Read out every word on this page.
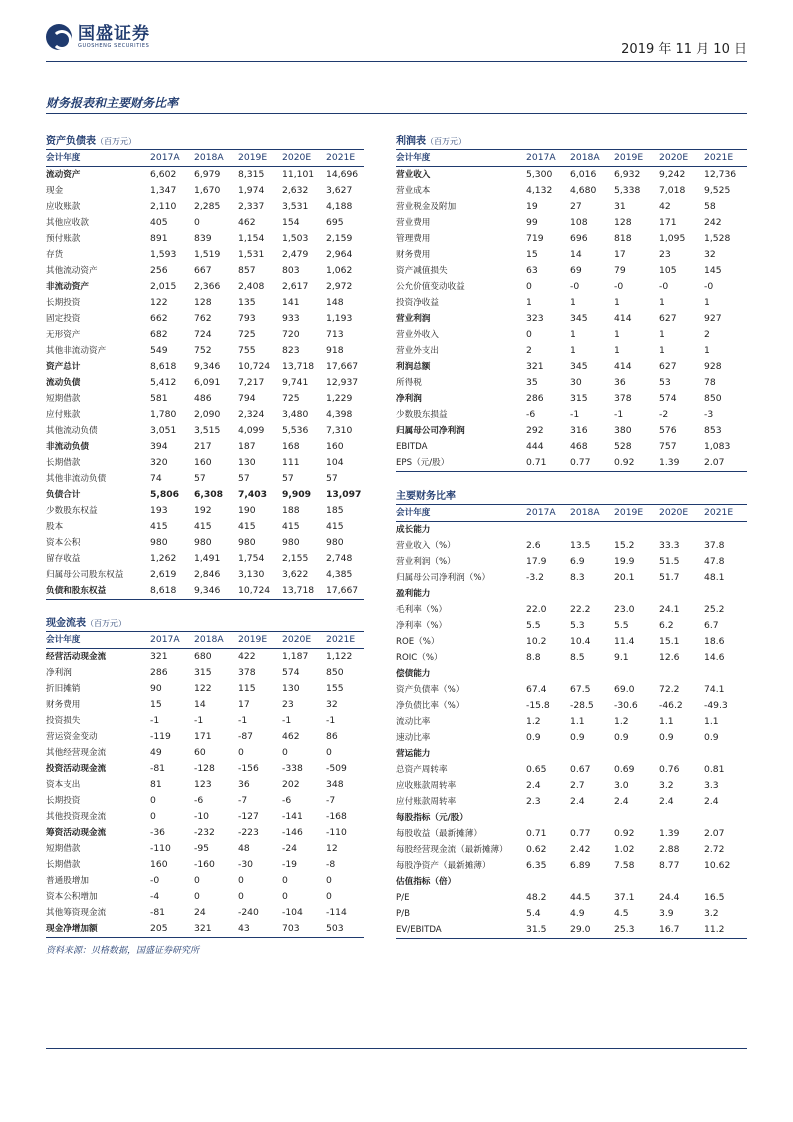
国盛证券
GUOSHENG SECURITIES	2019 年 11 月 10 日
财务报表和主要财务比率
资产负债表（百万元）
会计年度	2017A	2018A	2019E	2020E	2021E
流动资产	6,602	6,979	8,315	11,101	14,696
现金	1,347	1,670	1,974	2,632	3,627
应收账款	2,110	2,285	2,337	3,531	4,188
其他应收款	405	0	462	154	695
预付账款	891	839	1,154	1,503	2,159
存货	1,593	1,519	1,531	2,479	2,964
其他流动资产	256	667	857	803	1,062
非流动资产	2,015	2,366	2,408	2,617	2,972
长期投资	122	128	135	141	148
固定投资	662	762	793	933	1,193
无形资产	682	724	725	720	713
其他非流动资产	549	752	755	823	918
资产总计	8,618	9,346	10,724	13,718	17,667
流动负债	5,412	6,091	7,217	9,741	12,937
短期借款	581	486	794	725	1,229
应付账款	1,780	2,090	2,324	3,480	4,398
其他流动负债	3,051	3,515	4,099	5,536	7,310
非流动负债	394	217	187	168	160
长期借款	320	160	130	111	104
其他非流动负债	74	57	57	57	57
负债合计	5,806	6,308	7,403	9,909	13,097
少数股东权益	193	192	190	188	185
股本	415	415	415	415	415
资本公积	980	980	980	980	980
留存收益	1,262	1,491	1,754	2,155	2,748
归属母公司股东权益	2,619	2,846	3,130	3,622	4,385
负债和股东权益	8,618	9,346	10,724	13,718	17,667
现金流表（百万元）
会计年度	2017A	2018A	2019E	2020E	2021E
经营活动现金流	321	680	422	1,187	1,122
净利润	286	315	378	574	850
折旧摊销	90	122	115	130	155
财务费用	15	14	17	23	32
投资损失	-1	-1	-1	-1	-1
营运资金变动	-119	171	-87	462	86
其他经营现金流	49	60	0	0	0
投资活动现金流	-81	-128	-156	-338	-509
资本支出	81	123	36	202	348
长期投资	0	-6	-7	-6	-7
其他投资现金流	0	-10	-127	-141	-168
筹资活动现金流	-36	-232	-223	-146	-110
短期借款	-110	-95	48	-24	12
长期借款	160	-160	-30	-19	-8
普通股增加	-0	0	0	0	0
资本公积增加	-4	0	0	0	0
其他筹资现金流	-81	24	-240	-104	-114
现金净增加额	205	321	43	703	503
利润表（百万元）
会计年度	2017A	2018A	2019E	2020E	2021E
营业收入	5,300	6,016	6,932	9,242	12,736
营业成本	4,132	4,680	5,338	7,018	9,525
营业税金及附加	19	27	31	42	58
营业费用	99	108	128	171	242
管理费用	719	696	818	1,095	1,528
财务费用	15	14	17	23	32
资产减值损失	63	69	79	105	145
公允价值变动收益	0	-0	-0	-0	-0
投资净收益	1	1	1	1	1
营业利润	323	345	414	627	927
营业外收入	0	1	1	1	2
营业外支出	2	1	1	1	1
利润总额	321	345	414	627	928
所得税	35	30	36	53	78
净利润	286	315	378	574	850
少数股东损益	-6	-1	-1	-2	-3
归属母公司净利润	292	316	380	576	853
EBITDA	444	468	528	757	1,083
EPS（元/股）	0.71	0.77	0.92	1.39	2.07
主要财务比率
会计年度	2017A	2018A	2019E	2020E	2021E
成长能力					
营业收入（%）	2.6	13.5	15.2	33.3	37.8
营业利润（%）	17.9	6.9	19.9	51.5	47.8
归属母公司净利润（%）	-3.2	8.3	20.1	51.7	48.1
盈利能力					
毛利率（%）	22.0	22.2	23.0	24.1	25.2
净利率（%）	5.5	5.3	5.5	6.2	6.7
ROE（%）	10.2	10.4	11.4	15.1	18.6
ROIC（%）	8.8	8.5	9.1	12.6	14.6
偿债能力					
资产负债率（%）	67.4	67.5	69.0	72.2	74.1
净负债比率（%）	-15.8	-28.5	-30.6	-46.2	-49.3
流动比率	1.2	1.1	1.2	1.1	1.1
速动比率	0.9	0.9	0.9	0.9	0.9
营运能力					
总资产周转率	0.65	0.67	0.69	0.76	0.81
应收账款周转率	2.4	2.7	3.0	3.2	3.3
应付账款周转率	2.3	2.4	2.4	2.4	2.4
每股指标（元/股）					
每股收益（最新摊薄）	0.71	0.77	0.92	1.39	2.07
每股经营现金流（最新摊薄）	0.62	2.42	1.02	2.88	2.72
每股净资产（最新摊薄）	6.35	6.89	7.58	8.77	10.62
估值指标（倍）					
P/E	48.2	44.5	37.1	24.4	16.5
P/B	5.4	4.9	4.5	3.9	3.2
EV/EBITDA	31.5	29.0	25.3	16.7	11.2
资料来源：贝格数据，国盛证券研究所
